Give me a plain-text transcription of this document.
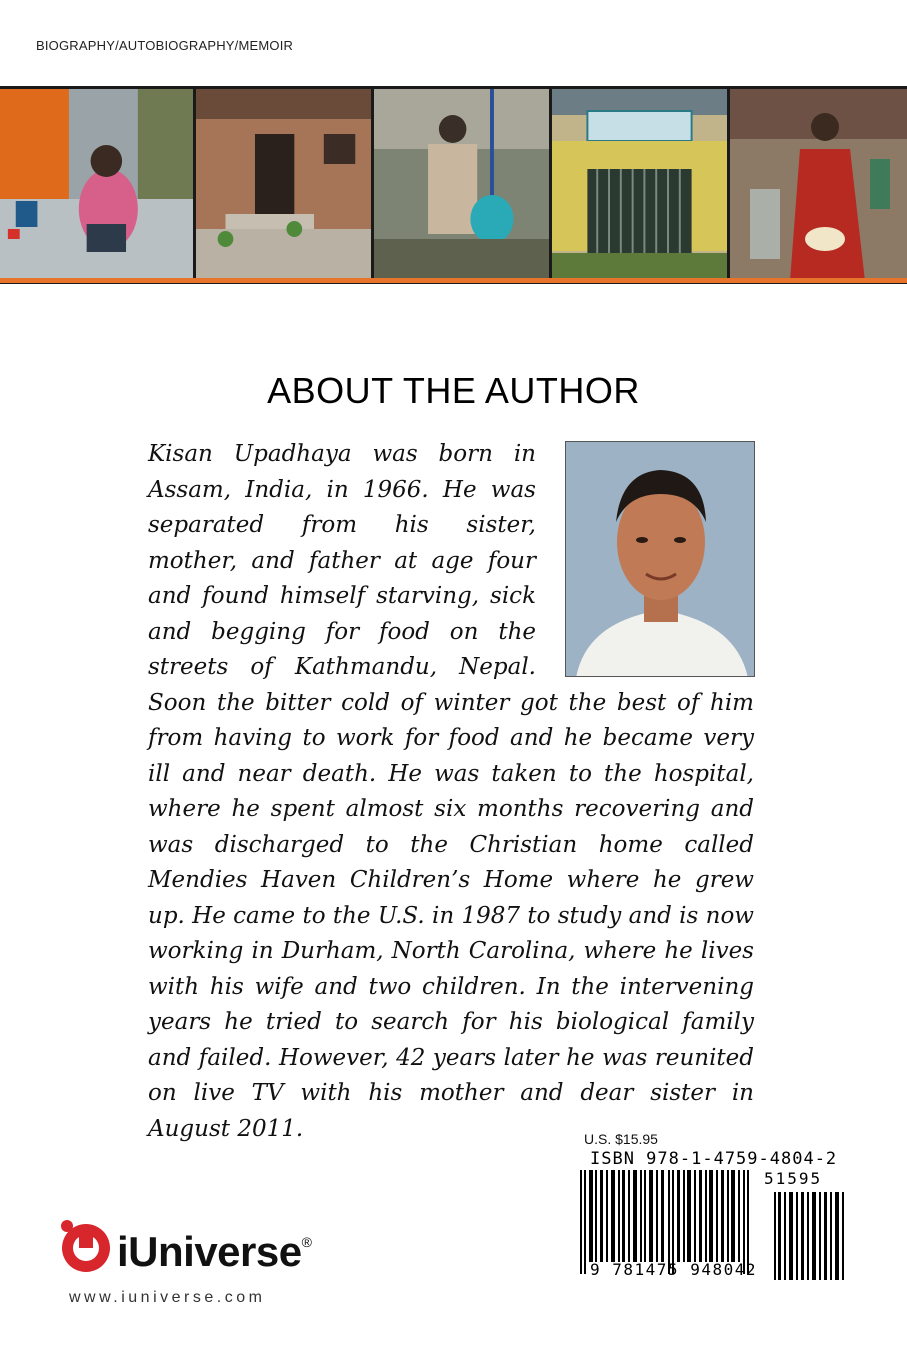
BIOGRAPHY/AUTOBIOGRAPHY/MEMOIR
ABOUT THE AUTHOR
Kisan Upadhaya was born in Assam, India, in 1966. He was separated from his sister, mother, and father at age four and found himself starving, sick and begging for food on the streets of Kathmandu, Nepal. Soon the bitter cold of winter got the best of him from having to work for food and he became very ill and near death. He was taken to the hospital, where he spent almost six months recovering and was discharged to the Christian home called Mendies Haven Children’s Home where he grew up. He came to the U.S. in 1987 to study and is now working in Durham, North Carolina, where he lives with his wife and two children. In the intervening years he tried to search for his biological family and failed. However, 42 years later he was reunited on live TV with his mother and dear sister in August 2011.	U.S. $15.95
ISBN 978-1-4759-4804-2
51595
9 781475 948042
iUniverse®
www.iuniverse.com
